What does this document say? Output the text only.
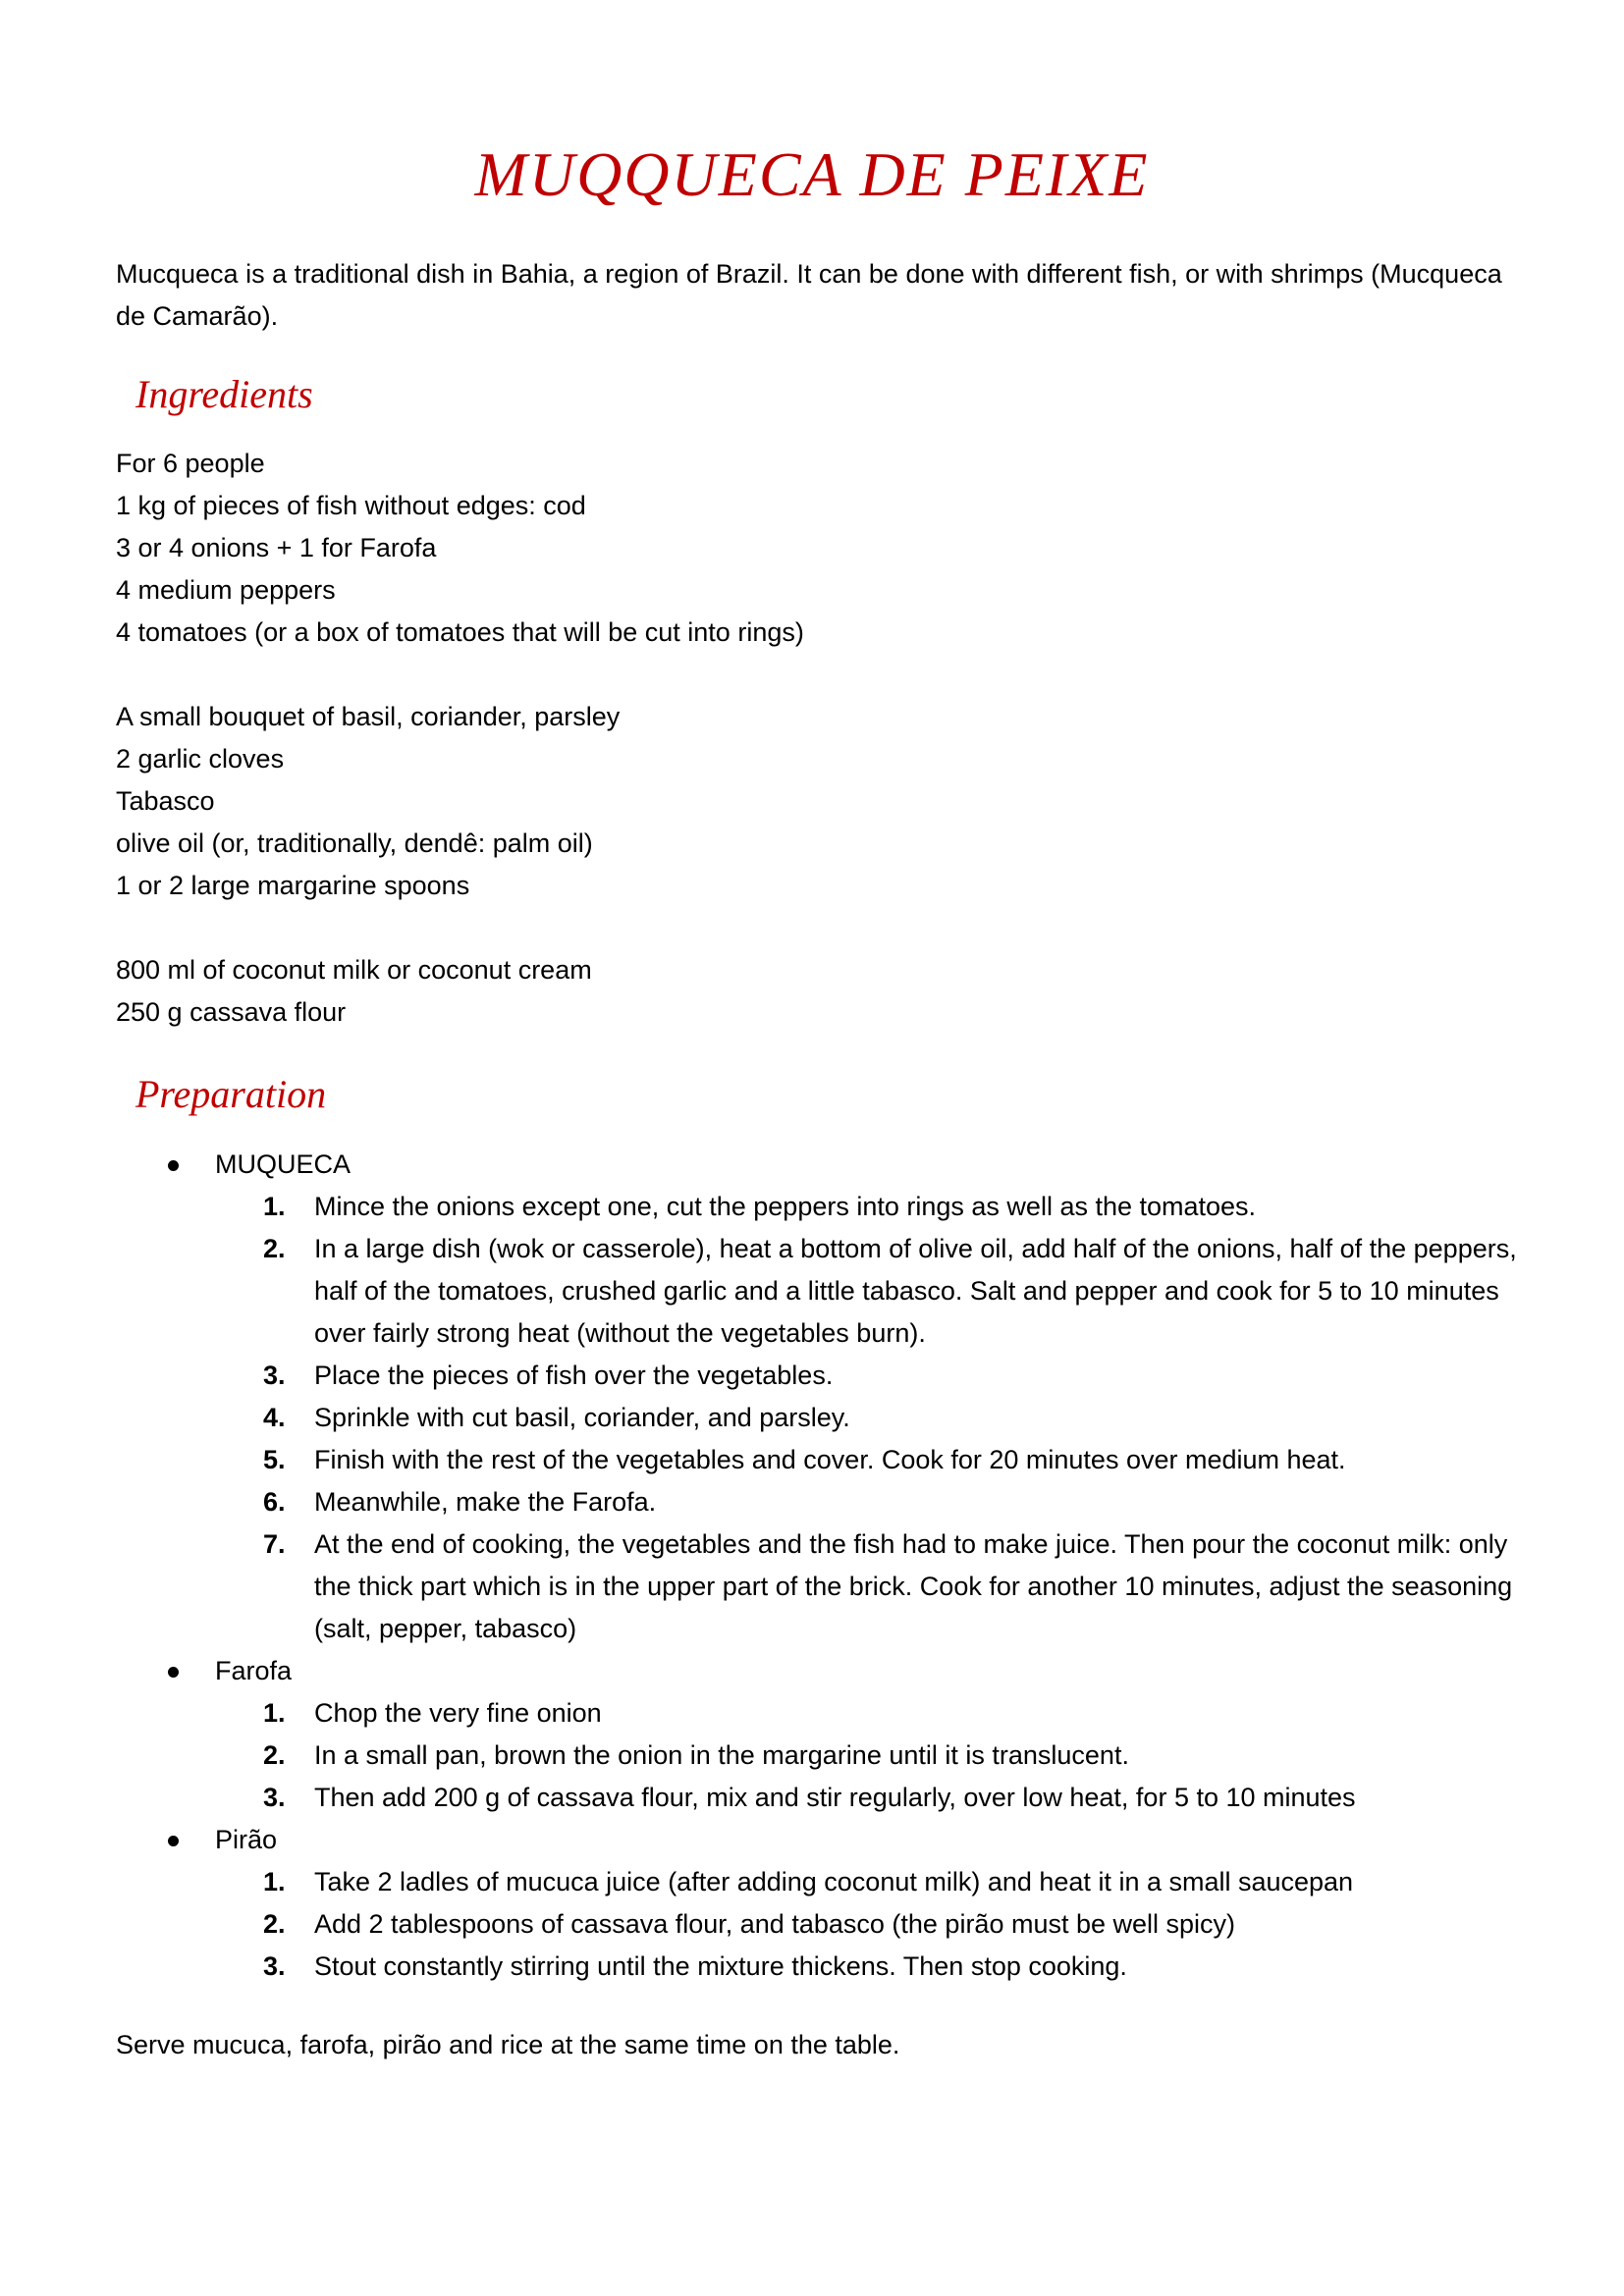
MUQQUECA DE PEIXE
Mucqueca is a traditional dish in Bahia, a region of Brazil. It can be done with different fish, or with shrimps (Mucqueca de Camarão).
Ingredients
For 6 people
1 kg of pieces of fish without edges: cod
3 or 4 onions + 1 for Farofa
4 medium peppers
4 tomatoes (or a box of tomatoes that will be cut into rings)
A small bouquet of basil, coriander, parsley
2 garlic cloves
Tabasco
olive oil (or, traditionally, dendê: palm oil)
1 or 2 large margarine spoons
800 ml of coconut milk or coconut cream
250 g cassava flour
Preparation
MUQUECA
1. Mince the onions except one, cut the peppers into rings as well as the tomatoes.
2. In a large dish (wok or casserole), heat a bottom of olive oil, add half of the onions, half of the peppers, half of the tomatoes, crushed garlic and a little tabasco. Salt and pepper and cook for 5 to 10 minutes over fairly strong heat (without the vegetables burn).
3. Place the pieces of fish over the vegetables.
4. Sprinkle with cut basil, coriander, and parsley.
5. Finish with the rest of the vegetables and cover. Cook for 20 minutes over medium heat.
6. Meanwhile, make the Farofa.
7. At the end of cooking, the vegetables and the fish had to make juice. Then pour the coconut milk: only the thick part which is in the upper part of the brick. Cook for another 10 minutes, adjust the seasoning (salt, pepper, tabasco)
Farofa
1. Chop the very fine onion
2. In a small pan, brown the onion in the margarine until it is translucent.
3. Then add 200 g of cassava flour, mix and stir regularly, over low heat, for 5 to 10 minutes
Pirão
1. Take 2 ladles of mucuca juice (after adding coconut milk) and heat it in a small saucepan
2. Add 2 tablespoons of cassava flour, and tabasco (the pirão must be well spicy)
3. Stout constantly stirring until the mixture thickens. Then stop cooking.
Serve mucuca, farofa, pirão and rice at the same time on the table.
